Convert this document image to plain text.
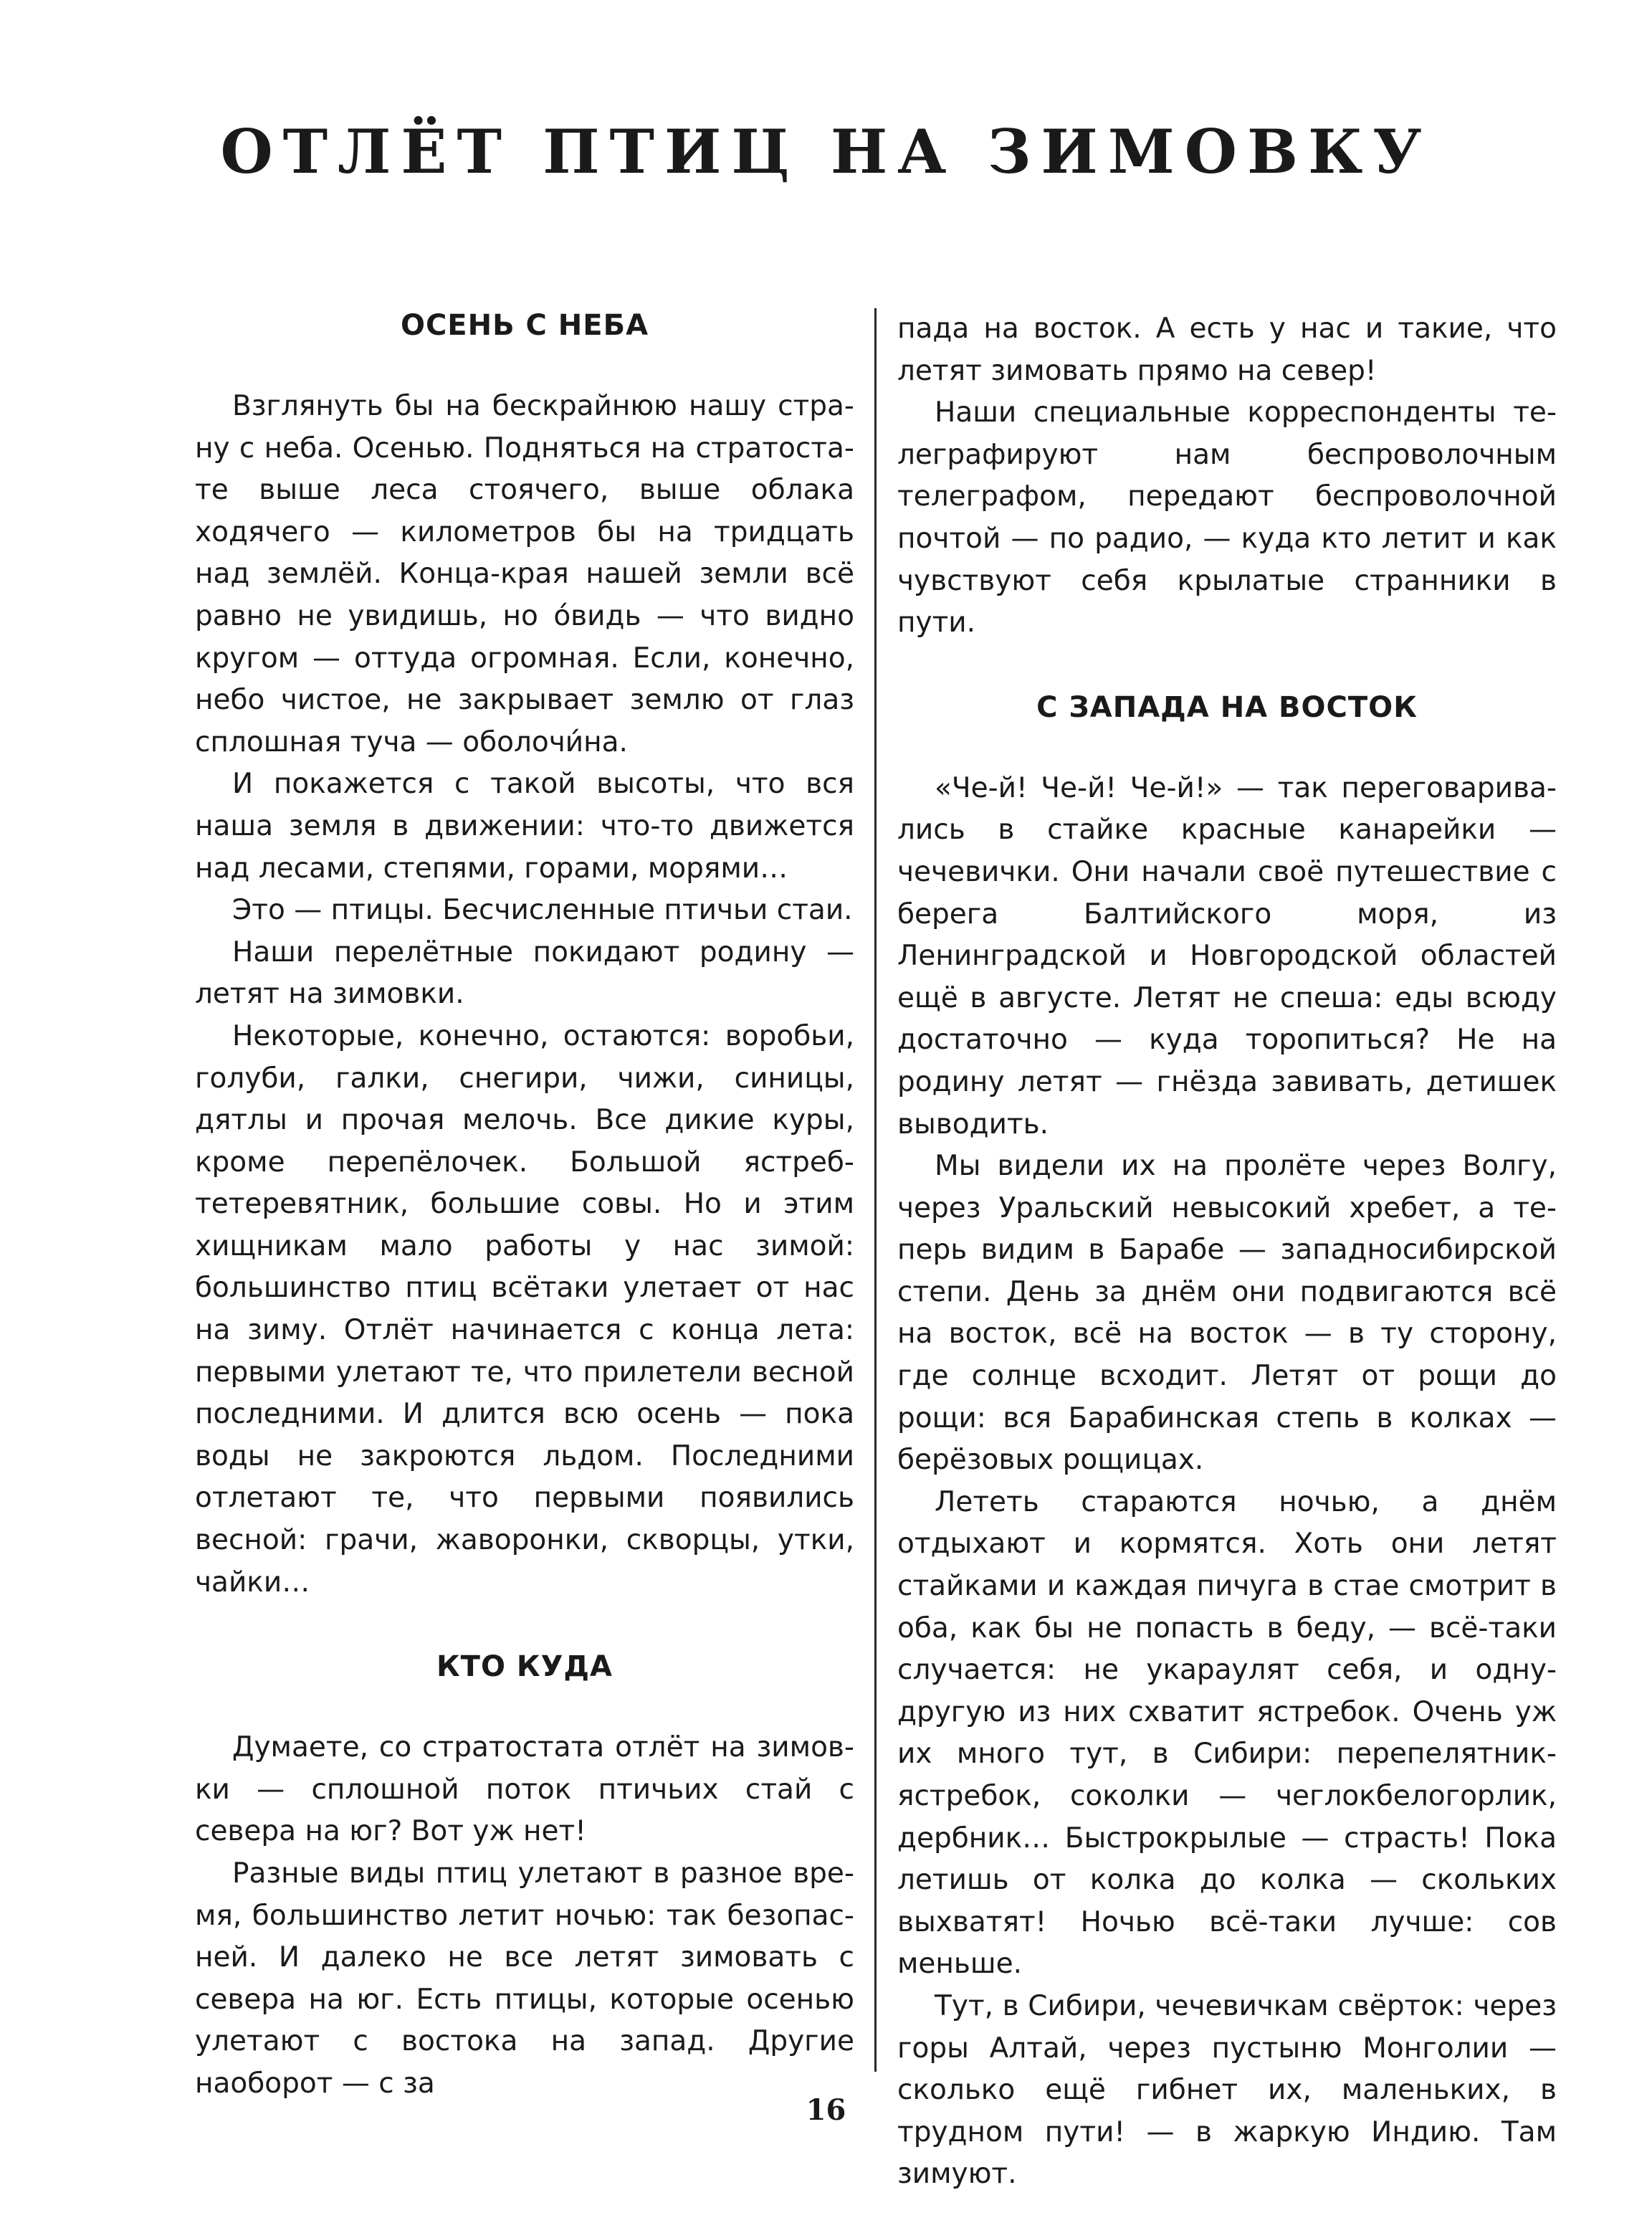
ОТЛЁТ ПТИЦ НА ЗИМОВКУ
ОСЕНЬ С НЕБА

Взглянуть бы на бескрайнюю нашу страну с неба. Осенью. Подняться на стратостате выше леса стоячего, выше облака ходячего — километров бы на тридцать над землёй. Конца-края нашей земли всё равно не увидишь, но о́видь — что видно кругом — оттуда огромная. Если, конечно, небо чистое, не закрывает землю от глаз сплошная туча — оболочи́на.

И покажется с такой высоты, что вся наша земля в движении: что-то движется над лесами, степями, горами, морями…

Это — птицы. Бесчисленные птичьи стаи.

Наши перелётные покидают родину — летят на зимовки.

Некоторые, конечно, остаются: воробьи, голуби, галки, снегири, чижи, синицы, дятлы и прочая мелочь. Все дикие куры, кроме перепёлочек. Большой ястреб-тетеревятник, большие совы. Но и этим хищникам мало работы у нас зимой: большинство птиц всётаки улетает от нас на зиму. Отлёт начинается с конца лета: первыми улетают те, что прилетели весной последними. И длится всю осень — пока воды не закроются льдом. Последними отлетают те, что первыми появились весной: грачи, жаворонки, скворцы, утки, чайки…

КТО КУДА

Думаете, со стратостата отлёт на зимовки — сплошной поток птичьих стай с севера на юг? Вот уж нет!

Разные виды птиц улетают в разное время, большинство летит ночью: так безопасней. И далеко не все летят зимовать с севера на юг. Есть птицы, которые осенью улетают с востока на запад. Другие наоборот — с за

пада на восток. А есть у нас и такие, что летят зимовать прямо на север!

Наши специальные корреспонденты телеграфируют нам беспроволочным телеграфом, передают беспроволочной почтой — по радио, — куда кто летит и как чувствуют себя крылатые странники в пути.

С ЗАПАДА НА ВОСТОК

«Че-й! Че-й! Че-й!» — так переговаривались в стайке красные канарейки — чечевички. Они начали своё путешествие с берега Балтийского моря, из Ленинградской и Новгородской областей ещё в августе. Летят не спеша: еды всюду достаточно — куда торопиться? Не на родину летят — гнёзда завивать, детишек выводить.

Мы видели их на пролёте через Волгу, через Уральский невысокий хребет, а теперь видим в Барабе — западносибирской степи. День за днём они подвигаются всё на восток, всё на восток — в ту сторону, где солнце всходит. Летят от рощи до рощи: вся Барабинская степь в колках — берёзовых рощицах.

Лететь стараются ночью, а днём отдыхают и кормятся. Хоть они летят стайками и каждая пичуга в стае смотрит в оба, как бы не попасть в беду, — всё-таки случается: не укараулят себя, и одну-другую из них схватит ястребок. Очень уж их много тут, в Сибири: перепелятник-ястребок, соколки — чеглокбелогорлик, дербник… Быстрокрылые — страсть! Пока летишь от колка до колка — скольких выхватят! Ночью всё-таки лучше: сов меньше.

Тут, в Сибири, чечевичкам свёрток: через горы Алтай, через пустыню Монголии — сколько ещё гибнет их, маленьких, в трудном пути! — в жаркую Индию. Там зимуют.

16
